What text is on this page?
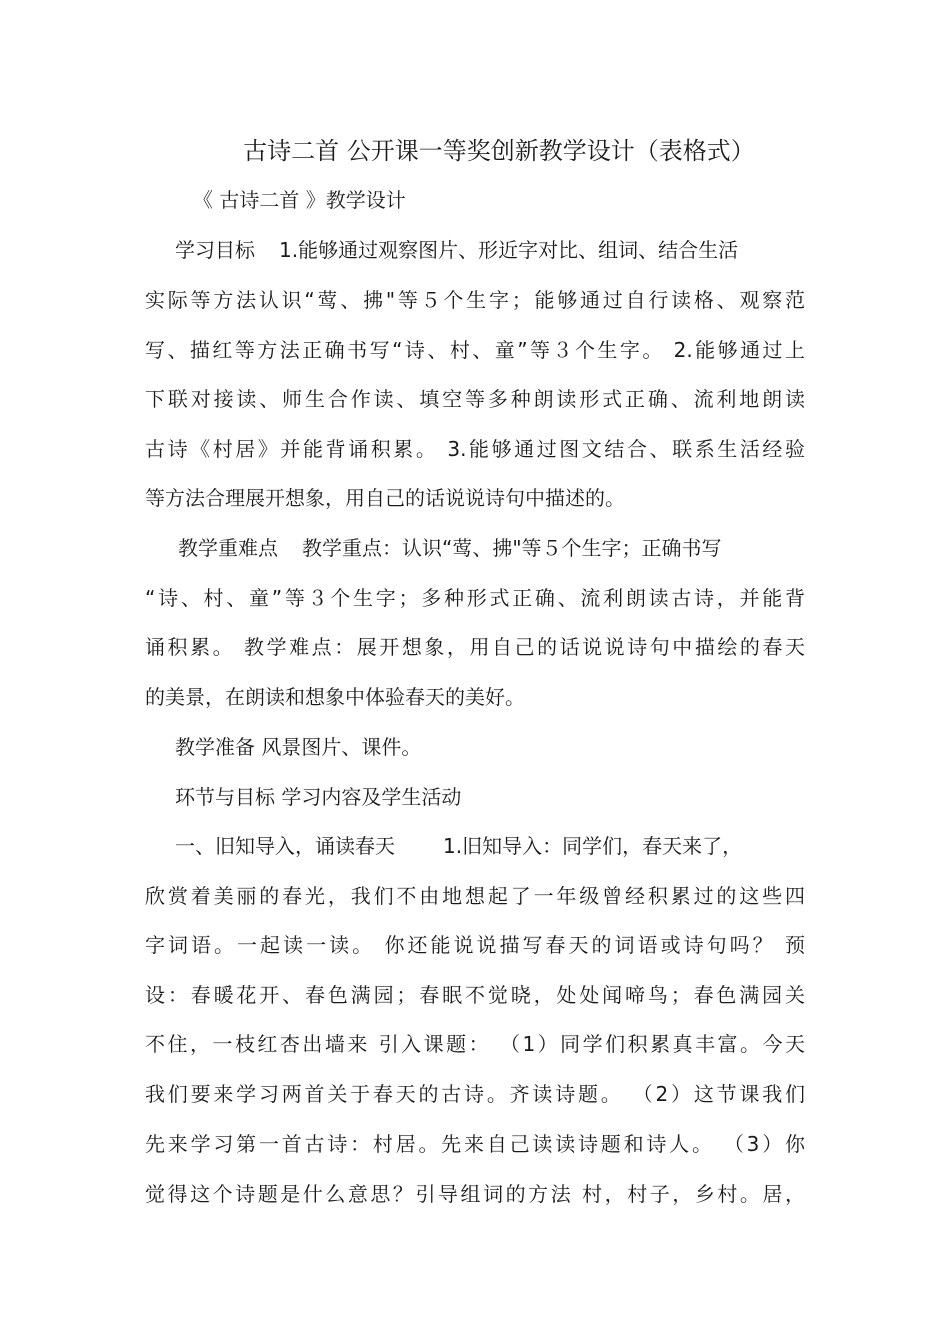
古诗二首 公开课一等奖创新教学设计（表格式）
《 古诗二首 》教学设计
学习目标 1.能够通过观察图片、形近字对比、组词、结合生活
实际等方法认识“莺、拂"等５个生字；能够通过自行读格、观察范
写、描红等方法正确书写“诗、村、童”等３个生字。 2.能够通过上
下联对接读、师生合作读、填空等多种朗读形式正确、流利地朗读
古诗《村居》并能背诵积累。 3.能够通过图文结合、联系生活经验
等方法合理展开想象，用自己的话说说诗句中描述的。
教学重难点 教学重点：认识“莺、拂"等５个生字；正确书写
“诗、村、童”等３个生字；多种形式正确、流利朗读古诗，并能背
诵积累。 教学难点：展开想象，用自己的话说说诗句中描绘的春天
的美景，在朗读和想象中体验春天的美好。
教学准备 风景图片、课件。
环节与目标 学习内容及学生活动
一、旧知导入，诵读春天 1.旧知导入：同学们，春天来了，
欣赏着美丽的春光，我们不由地想起了一年级曾经积累过的这些四
字词语。一起读一读。 你还能说说描写春天的词语或诗句吗？ 预
设：春暖花开、春色满园；春眠不觉晓，处处闻啼鸟；春色满园关
不住，一枝红杏出墙来 引入课题： （1）同学们积累真丰富。今天
我们要来学习两首关于春天的古诗。齐读诗题。 （2）这节课我们
先来学习第一首古诗：村居。先来自己读读诗题和诗人。 （3）你
觉得这个诗题是什么意思？引导组词的方法 村，村子，乡村。居，
